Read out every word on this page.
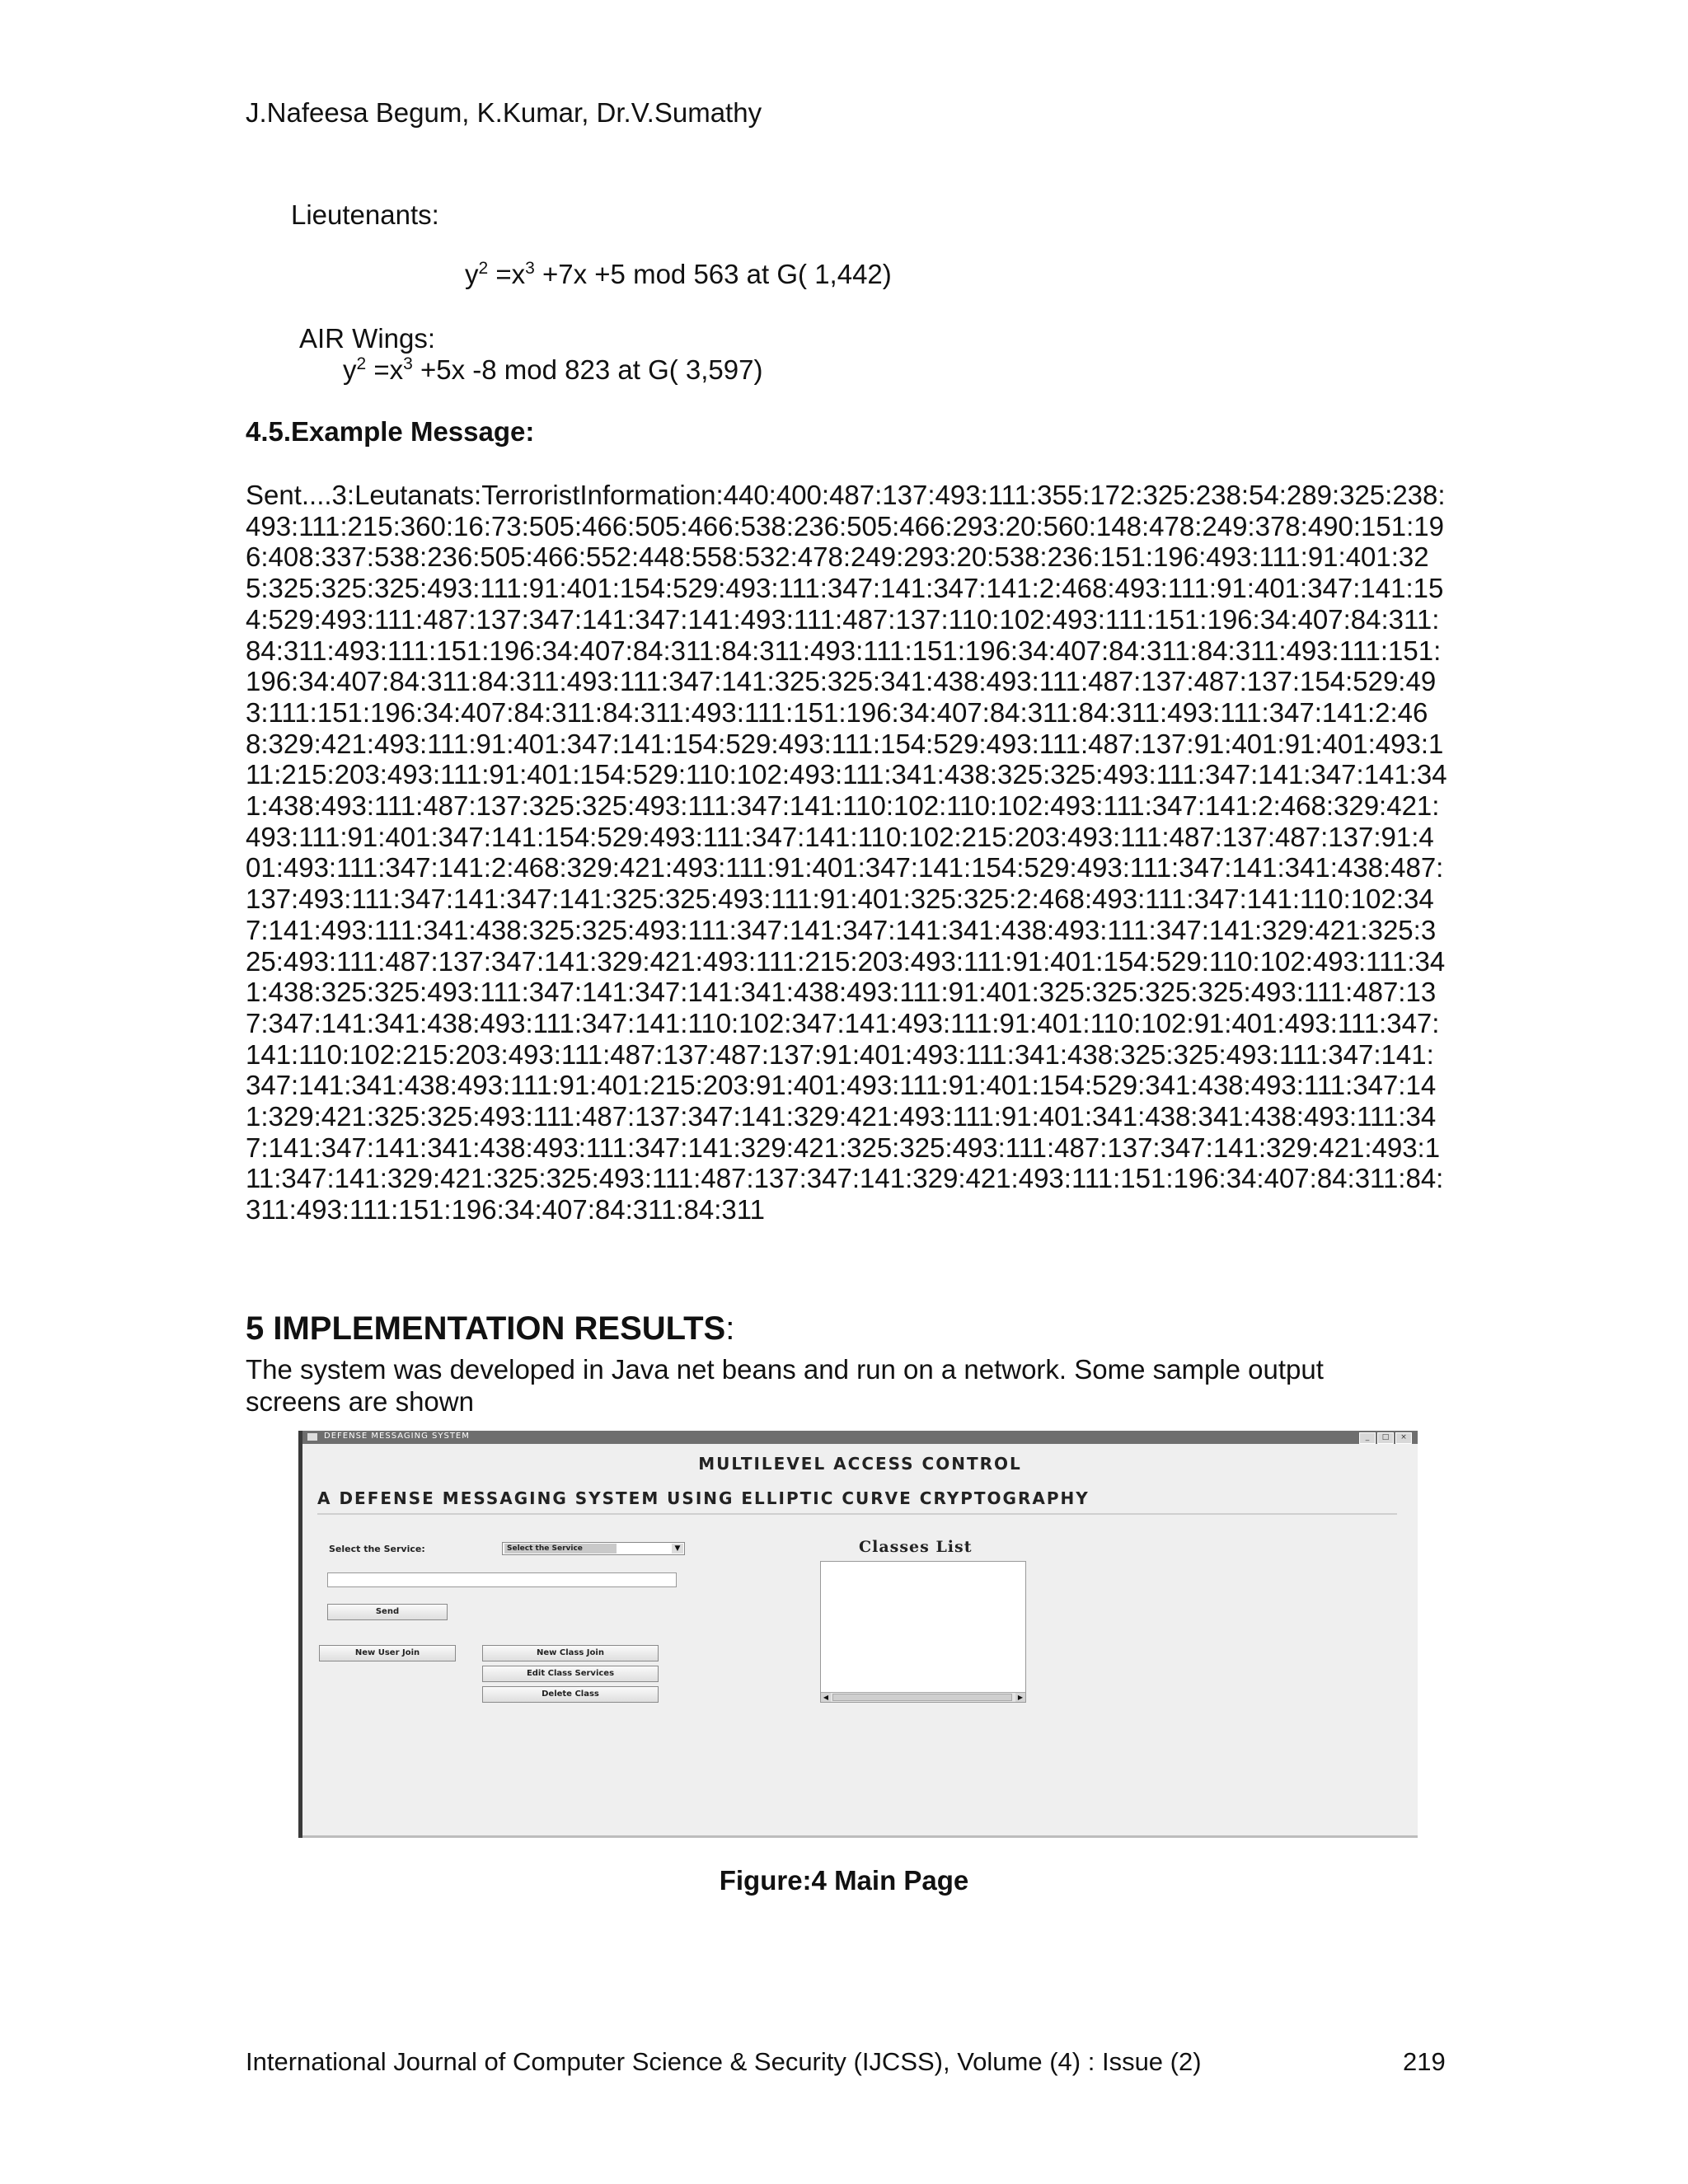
J.Nafeesa Begum, K.Kumar, Dr.V.Sumathy
Lieutenants:
$y^2 =x^3 +7x +5$ mod 563 at G( 1,442)
AIR Wings:
$y^2 =x^3 +5x$ -8 mod 823 at G( 3,597)
4.5.Example Message:

Sent....3:Leutanats:TerroristInformation:440:400:487:137:493:111:355:172:325:238:54:289:325:238:493:111:215:360:16:73:505:466:505:466:538:236:505:466:293:20:560:148:478:249:378:490:151:196:408:337:538:236:505:466:552:448:558:532:478:249:293:20:538:236:151:196:493:111:91:401:325:325:325:325:493:111:91:401:154:529:493:111:347:141:347:141:2:468:493:111:91:401:347:141:154:529:493:111:487:137:347:141:347:141:493:111:487:137:110:102:493:111:151:196:34:407:84:311:84:311:493:111:151:196:34:407:84:311:84:311:493:111:151:196:34:407:84:311:84:311:493:111:151:196:34:407:84:311:84:311:493:111:347:141:325:325:341:438:493:111:487:137:487:137:154:529:493:111:151:196:34:407:84:311:84:311:493:111:151:196:34:407:84:311:84:311:493:111:347:141:2:468:329:421:493:111:91:401:347:141:154:529:493:111:154:529:493:111:487:137:91:401:91:401:493:111:215:203:493:111:91:401:154:529:110:102:493:111:341:438:325:325:493:111:347:141:347:141:341:438:493:111:487:137:325:325:493:111:347:141:110:102:110:102:493:111:347:141:2:468:329:421:493:111:91:401:347:141:154:529:493:111:347:141:110:102:215:203:493:111:487:137:487:137:91:401:493:111:347:141:2:468:329:421:493:111:91:401:347:141:154:529:493:111:347:141:341:438:487:137:493:111:347:141:347:141:325:325:493:111:91:401:325:325:2:468:493:111:347:141:110:102:347:141:493:111:341:438:325:325:493:111:347:141:347:141:341:438:493:111:347:141:329:421:325:325:493:111:487:137:347:141:329:421:493:111:215:203:493:111:91:401:154:529:110:102:493:111:341:438:325:325:493:111:347:141:347:141:341:438:493:111:91:401:325:325:325:325:493:111:487:137:347:141:341:438:493:111:347:141:110:102:347:141:493:111:91:401:110:102:91:401:493:111:347:141:110:102:215:203:493:111:487:137:487:137:91:401:493:111:341:438:325:325:493:111:347:141:347:141:341:438:493:111:91:401:215:203:91:401:493:111:91:401:154:529:341:438:493:111:347:141:329:421:325:325:493:111:487:137:347:141:329:421:493:111:91:401:341:438:341:438:493:111:347:141:347:141:341:438:493:111:347:141:329:421:325:325:493:111:487:137:347:141:329:421:493:111:347:141:329:421:325:325:493:111:487:137:347:141:329:421:493:111:151:196:34:407:84:311:84:311:493:111:151:196:34:407:84:311:84:311

5 IMPLEMENTATION RESULTS:
The system was developed in Java net beans and run on a network. Some sample output screens are shown
DEFENSE MESSAGING SYSTEM	_	□	×
MULTILEVEL ACCESS CONTROL
A DEFENSE MESSAGING SYSTEM USING ELLIPTIC CURVE CRYPTOGRAPHY
Select the Service:	Select the Service	▼
Send
New User Join	New Class Join
Edit Class Services
Delete Class
Classes List
◀	▶
Figure:4 Main Page
International Journal of Computer Science & Security (IJCSS), Volume (4) : Issue (2)	219
